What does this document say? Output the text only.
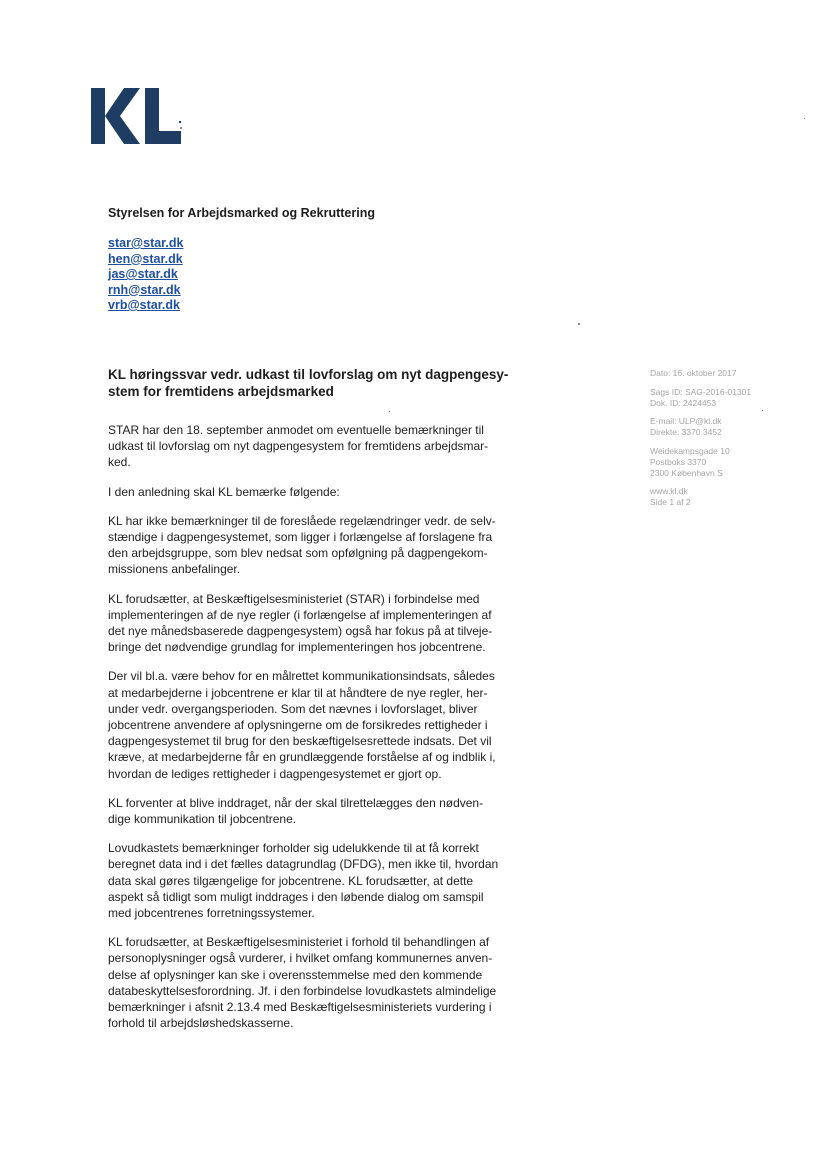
Styrelsen for Arbejdsmarked og Rekruttering
star@star.dk
hen@star.dk
jas@star.dk
rnh@star.dk
vrb@star.dk
KL høringssvar vedr. udkast til lovforslag om nyt dagpengesy-
stem for fremtidens arbejdsmarked
STAR har den 18. september anmodet om eventuelle bemærkninger til
udkast til lovforslag om nyt dagpengesystem for fremtidens arbejdsmar-
ked.
I den anledning skal KL bemærke følgende:
KL har ikke bemærkninger til de foreslåede regelændringer vedr. de selv-
stændige i dagpengesystemet, som ligger i forlængelse af forslagene fra
den arbejdsgruppe, som blev nedsat som opfølgning på dagpengekom-
missionens anbefalinger.
KL forudsætter, at Beskæftigelsesministeriet (STAR) i forbindelse med
implementeringen af de nye regler (i forlængelse af implementeringen af
det nye månedsbaserede dagpengesystem) også har fokus på at tilveje-
bringe det nødvendige grundlag for implementeringen hos jobcentrene.
Der vil bl.a. være behov for en målrettet kommunikationsindsats, således
at medarbejderne i jobcentrene er klar til at håndtere de nye regler, her-
under vedr. overgangsperioden. Som det nævnes i lovforslaget, bliver
jobcentrene anvendere af oplysningerne om de forsikredes rettigheder i
dagpengesystemet til brug for den beskæftigelsesrettede indsats. Det vil
kræve, at medarbejderne får en grundlæggende forståelse af og indblik i,
hvordan de lediges rettigheder i dagpengesystemet er gjort op.
KL forventer at blive inddraget, når der skal tilrettelægges den nødven-
dige kommunikation til jobcentrene.
Lovudkastets bemærkninger forholder sig udelukkende til at få korrekt
beregnet data ind i det fælles datagrundlag (DFDG), men ikke til, hvordan
data skal gøres tilgængelige for jobcentrene. KL forudsætter, at dette
aspekt så tidligt som muligt inddrages i den løbende dialog om samspil
med jobcentrenes forretningssystemer.
KL forudsætter, at Beskæftigelsesministeriet i forhold til behandlingen af
personoplysninger også vurderer, i hvilket omfang kommunernes anven-
delse af oplysninger kan ske i overensstemmelse med den kommende
databeskyttelsesforordning. Jf. i den forbindelse lovudkastets almindelige
bemærkninger i afsnit 2.13.4 med Beskæftigelsesministeriets vurdering i
forhold til arbejdsløshedskasserne.
Dato: 16. oktober 2017
Sags ID: SAG-2016-01301
Dok. ID: 2424453
E-mail: ULP@kl.dk
Direkte: 3370 3452
Weidekampsgade 10
Postboks 3370
2300 København S
www.kl.dk
Side 1 af 2
